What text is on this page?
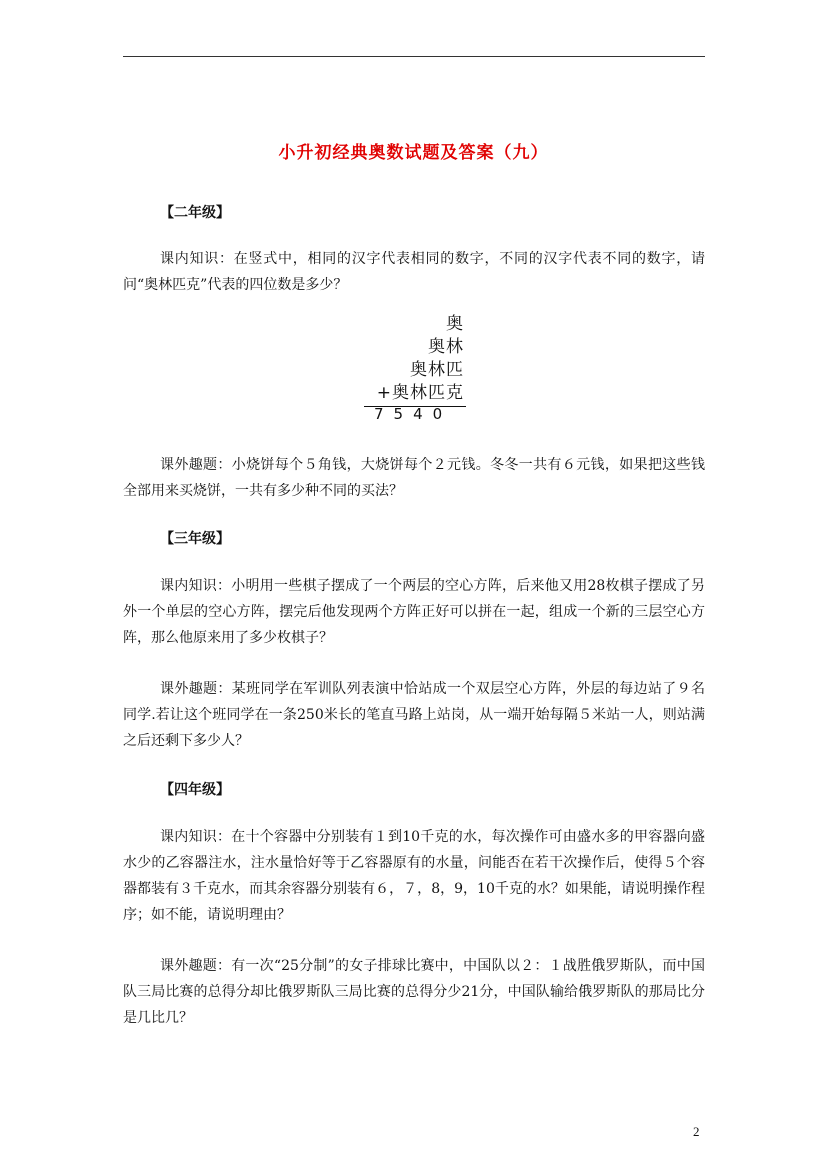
小升初经典奥数试题及答案（九）
【二年级】

课内知识：在竖式中，相同的汉字代表相同的数字，不同的汉字代表不同的数字，请问“奥林匹克”代表的四位数是多少？

奥
奥林
奥林匹
+奥林匹克
7540

课外趣题：小烧饼每个５角钱，大烧饼每个２元钱。冬冬一共有６元钱，如果把这些钱全部用来买烧饼，一共有多少种不同的买法？

【三年级】

课内知识：小明用一些棋子摆成了一个两层的空心方阵，后来他又用28枚棋子摆成了另外一个单层的空心方阵，摆完后他发现两个方阵正好可以拼在一起，组成一个新的三层空心方阵，那么他原来用了多少枚棋子？

课外趣题：某班同学在军训队列表演中恰站成一个双层空心方阵，外层的每边站了９名同学.若让这个班同学在一条250米长的笔直马路上站岗，从一端开始每隔５米站一人，则站满之后还剩下多少人？

【四年级】

课内知识：在十个容器中分别装有１到10千克的水，每次操作可由盛水多的甲容器向盛水少的乙容器注水，注水量恰好等于乙容器原有的水量，问能否在若干次操作后，使得５个容器都装有３千克水，而其余容器分别装有６，７，8，9，10千克的水？如果能，请说明操作程序；如不能，请说明理由？

课外趣题：有一次“25分制”的女子排球比赛中，中国队以２：１战胜俄罗斯队，而中国队三局比赛的总得分却比俄罗斯队三局比赛的总得分少21分，中国队输给俄罗斯队的那局比分是几比几？

2
